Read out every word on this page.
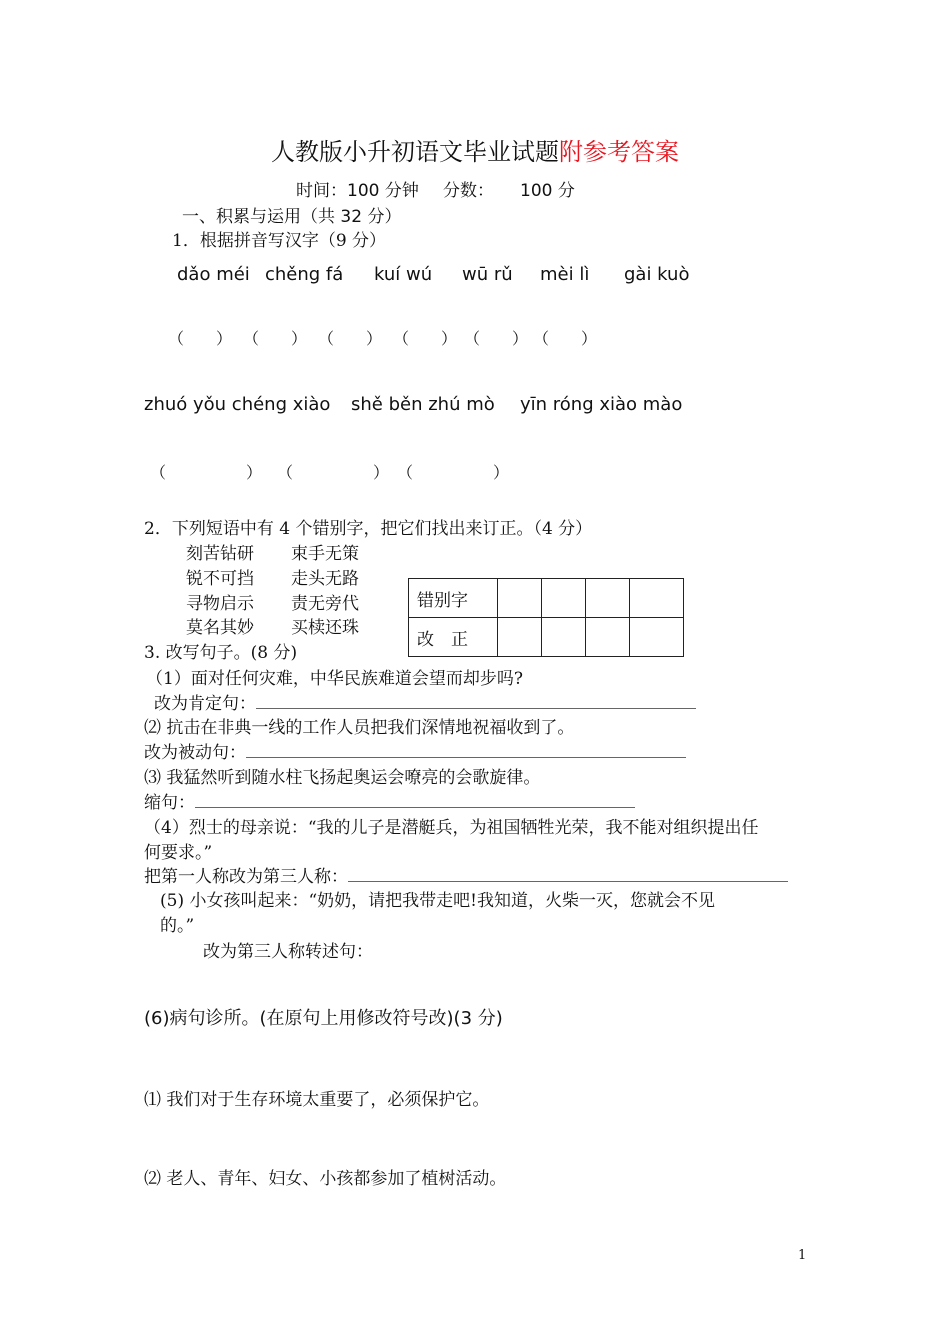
人教版小升初语文毕业试题附参考答案
时间：100 分钟 分数： 100 分
一、积累与运用（共 32 分）
1．根据拼音写汉字（9 分）
dǎo méi chěng fá kuí wú wū rǔ mèi lì gài kuò
（  ） （  ） （  ） （  ） （  ） （  ）
zhuó yǒu chéng xiào shě běn zhú mò yīn róng xiào mào
（     ） （     ） （     ）
2．下列短语中有 4 个错别字，把它们找出来订正。（4 分）
刻苦钻研 束手无策
锐不可挡 走头无路
寻物启示 责无旁代
莫名其妙 买椟还珠
错别字				
改　正				
3. 改写句子。(8 分)
（1）面对任何灾难，中华民族难道会望而却步吗?
改为肯定句：
⑵ 抗击在非典一线的工作人员把我们深情地祝福收到了。
改为被动句：
⑶ 我猛然听到随水柱飞扬起奥运会嘹亮的会歌旋律。
缩句：
（4）烈士的母亲说：“我的儿子是潜艇兵，为祖国牺牲光荣，我不能对组织提出任
何要求。”
把第一人称改为第三人称：
(5) 小女孩叫起来：“奶奶，请把我带走吧!我知道，火柴一灭，您就会不见
的。”
改为第三人称转述句：
(6)病句诊所。(在原句上用修改符号改)(3 分)
⑴ 我们对于生存环境太重要了，必须保护它。
⑵ 老人、青年、妇女、小孩都参加了植树活动。
1
